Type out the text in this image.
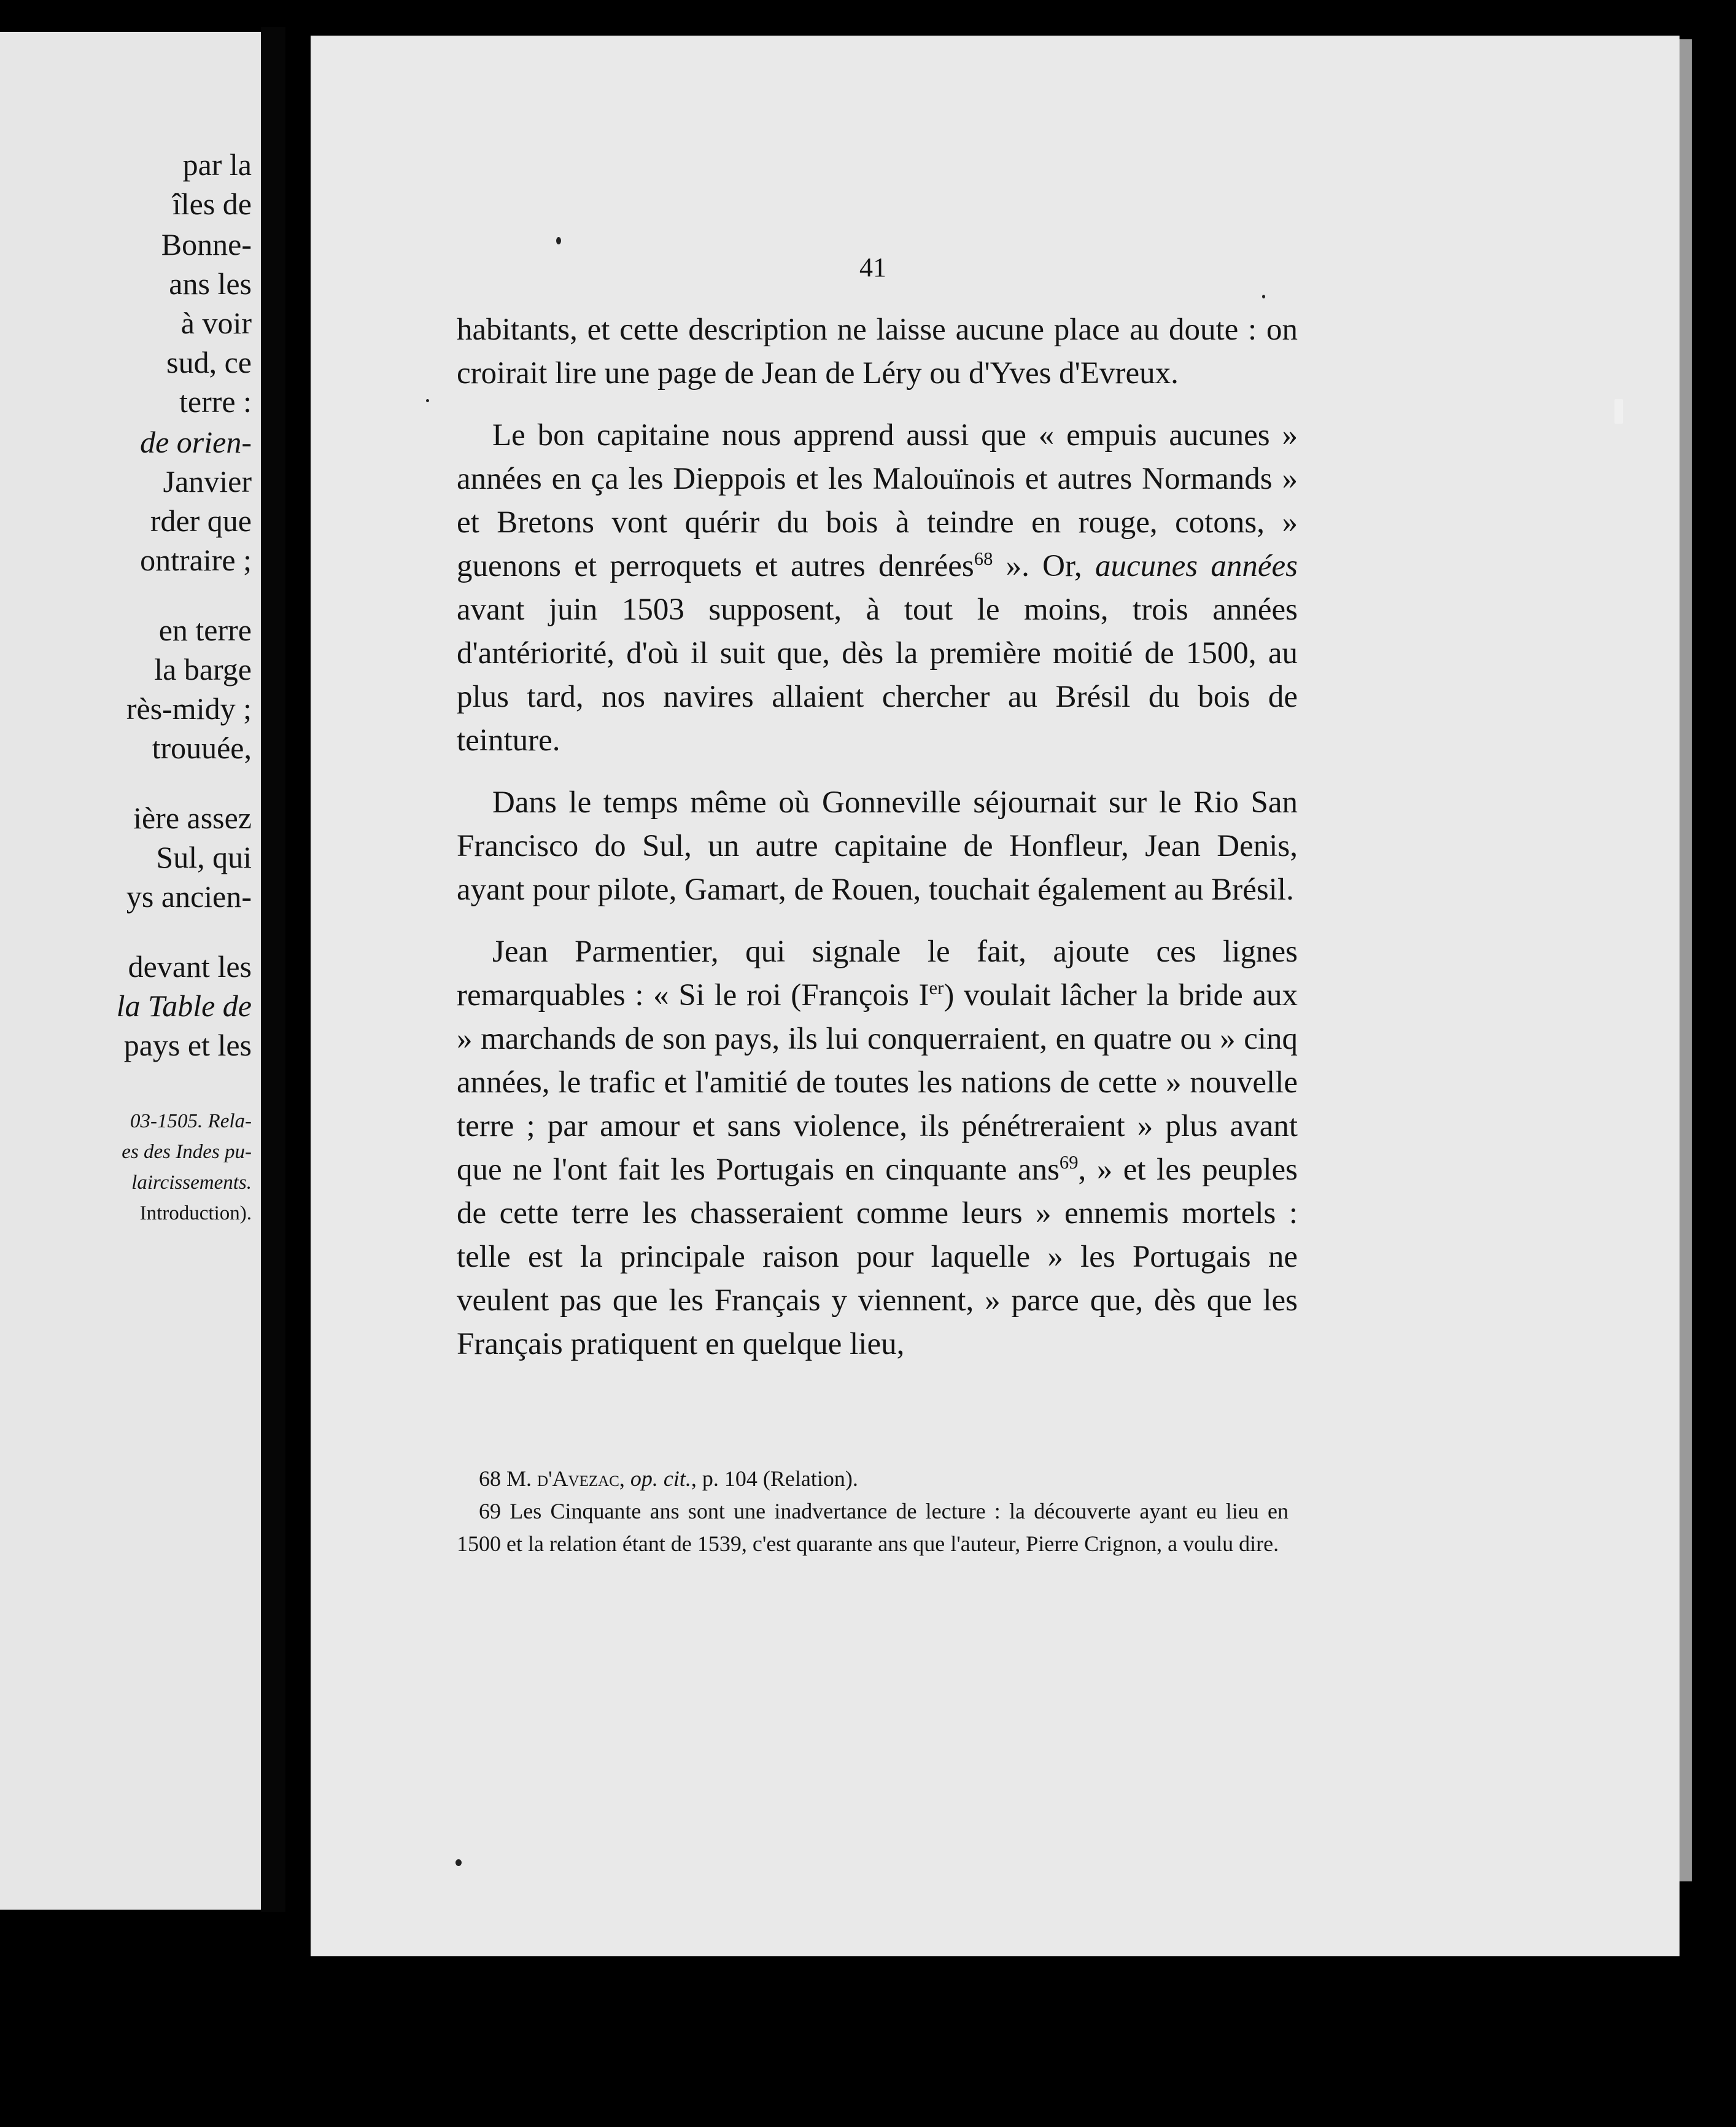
par la
îles de
Bonne-
ans les
à voir
sud, ce
terre :
de orien-
Janvier
rder que
ontraire ;
en terre
la barge
rès-midy ;
trouuée,
ière assez
Sul, qui
ys ancien-
devant les
la Table de
pays et les
03-1505. Rela-
es des Indes pu-
laircissements.
Introduction).
41

habitants, et cette description ne laisse aucune place au doute : on croirait lire une page de Jean de Léry ou d'Yves d'Evreux.

Le bon capitaine nous apprend aussi que « empuis aucunes » années en ça les Dieppois et les Malouïnois et autres Normands » et Bretons vont quérir du bois à teindre en rouge, cotons, » guenons et perroquets et autres denrées$^{68}$ ». Or, aucunes années avant juin 1503 supposent, à tout le moins, trois années d'antériorité, d'où il suit que, dès la première moitié de 1500, au plus tard, nos navires allaient chercher au Brésil du bois de teinture.

Dans le temps même où Gonneville séjournait sur le Rio San Francisco do Sul, un autre capitaine de Honfleur, Jean Denis, ayant pour pilote, Gamart, de Rouen, touchait également au Brésil.

Jean Parmentier, qui signale le fait, ajoute ces lignes remarquables : « Si le roi (François Ier) voulait lâcher la bride aux » marchands de son pays, ils lui conquerraient, en quatre ou » cinq années, le trafic et l'amitié de toutes les nations de cette » nouvelle terre ; par amour et sans violence, ils pénétreraient » plus avant que ne l'ont fait les Portugais en cinquante ans$^{69}$, » et les peuples de cette terre les chasseraient comme leurs » ennemis mortels : telle est la principale raison pour laquelle » les Portugais ne veulent pas que les Français y viennent, » parce que, dès que les Français pratiquent en quelque lieu,

68 M. d'Avezac, op. cit., p. 104 (Relation).

69 Les Cinquante ans sont une inadvertance de lecture : la découverte ayant eu lieu en 1500 et la relation étant de 1539, c'est quarante ans que l'auteur, Pierre Crignon, a voulu dire.
